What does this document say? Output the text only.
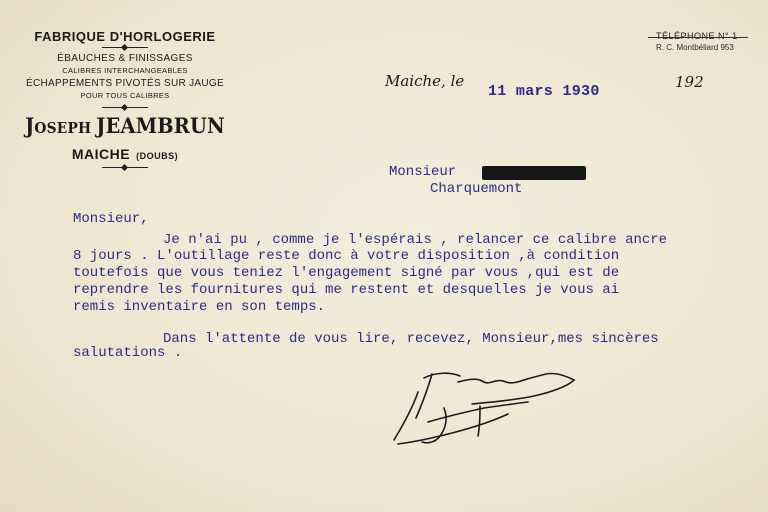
FABRIQUE D'HORLOGERIE
ÉBAUCHES & FINISSAGES
CALIBRES INTERCHANGEABLES
ÉCHAPPEMENTS PIVOTÉS SUR JAUGE
POUR TOUS CALIBRES
JOSEPH JEAMBRUN
MAICHE (DOUBS)
TÉLÉPHONE N° 1
R. C. Montbéliard 953
Maiche, le
11 mars 1930
192
Monsieur
Charquemont
Monsieur,
Je n'ai pu , comme je l'espérais , relancer ce calibre ancre
8 jours . L'outillage reste donc à votre disposition ,à condition
toutefois que vous teniez l'engagement signé par vous ,qui est de
reprendre les fournitures qui me restent et desquelles je vous ai
remis inventaire en son temps.
Dans l'attente de vous lire, recevez, Monsieur,mes sincères
salutations .
